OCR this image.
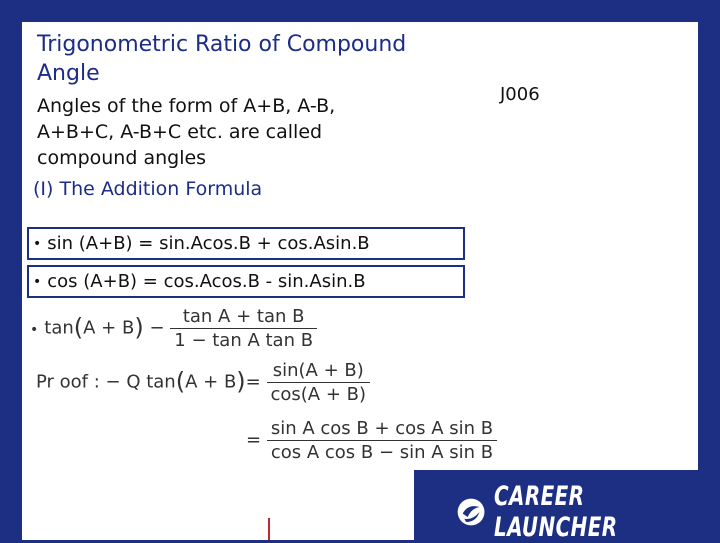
Trigonometric Ratio of Compound Angle
J006
Angles of the form of A+B, A-B, A+B+C, A-B+C etc. are called compound angles
(I) The Addition Formula
• sin (A+B) = sin.Acos.B + cos.Asin.B
• cos (A+B) = cos.Acos.B - sin.Asin.B
• $\tan(A + B) - \frac{\text{tan A + tan B}}{\text{1 − tan A tan B}}$
Pr oof : − Q $\tan(A + B)= \frac{\sin(A + B)}{\cos(A + B)}$
= $\frac{\text{sin A cos B + cos A sin B}}{\text{cos A cos B − sin A sin B}}$
CAREER LAUNCHER
